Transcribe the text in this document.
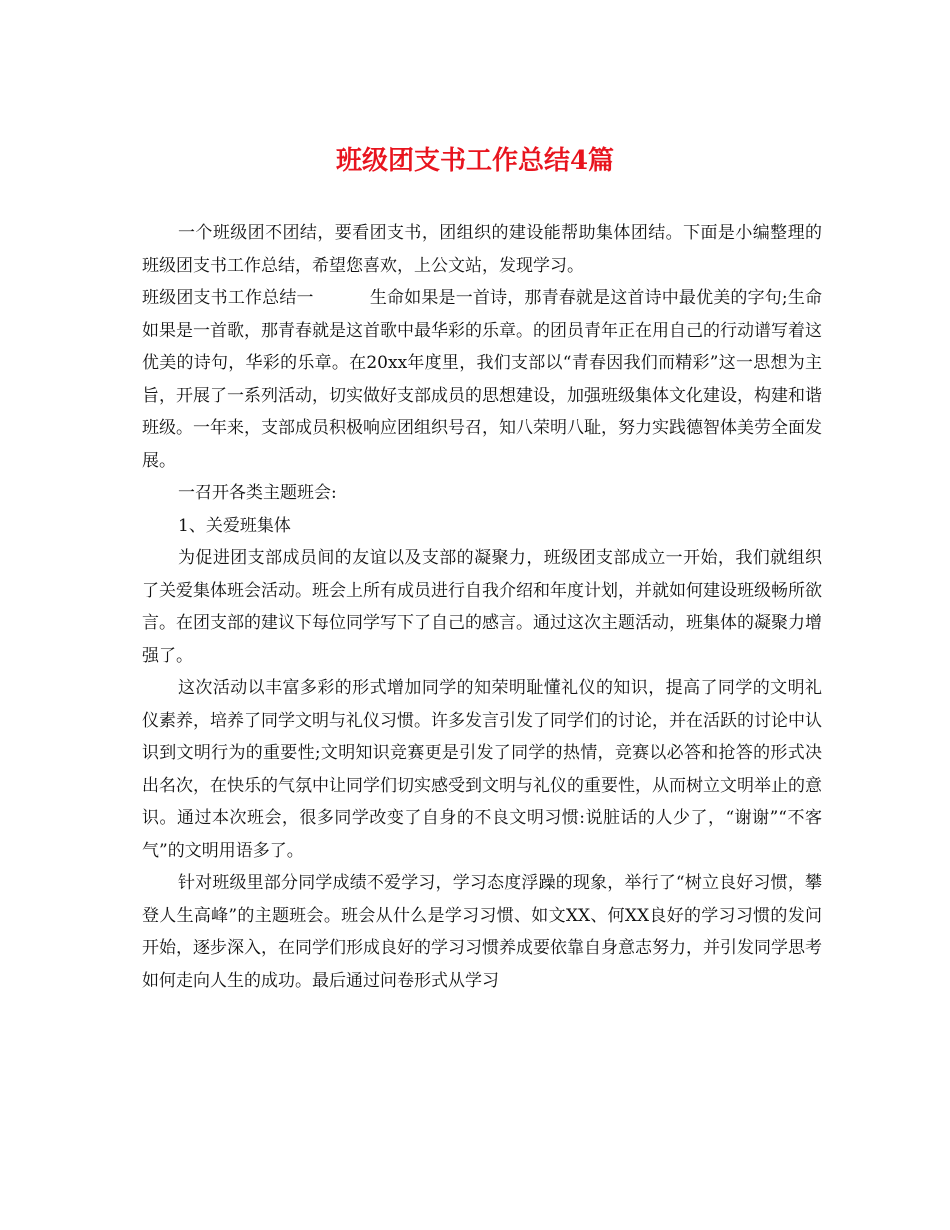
班级团支书工作总结4篇

一个班级团不团结，要看团支书，团组织的建设能帮助集体团结。下面是小编整理的班级团支书工作总结，希望您喜欢，上公文站，发现学习。

班级团支书工作总结一	生命如果是一首诗，那青春就是这首诗中最优美的字句;生命如果是一首歌，那青春就是这首歌中最华彩的乐章。的团员青年正在用自己的行动谱写着这优美的诗句，华彩的乐章。在20xx年度里，我们支部以“青春因我们而精彩”这一思想为主旨，开展了一系列活动，切实做好支部成员的思想建设，加强班级集体文化建设，构建和谐班级。一年来，支部成员积极响应团组织号召，知八荣明八耻，努力实践德智体美劳全面发展。

一召开各类主题班会:

1、关爱班集体

为促进团支部成员间的友谊以及支部的凝聚力，班级团支部成立一开始，我们就组织了关爱集体班会活动。班会上所有成员进行自我介绍和年度计划，并就如何建设班级畅所欲言。在团支部的建议下每位同学写下了自己的感言。通过这次主题活动，班集体的凝聚力增强了。

这次活动以丰富多彩的形式增加同学的知荣明耻懂礼仪的知识，提高了同学的文明礼仪素养，培养了同学文明与礼仪习惯。许多发言引发了同学们的讨论，并在活跃的讨论中认识到文明行为的重要性;文明知识竞赛更是引发了同学的热情，竞赛以必答和抢答的形式决出名次，在快乐的气氛中让同学们切实感受到文明与礼仪的重要性，从而树立文明举止的意识。通过本次班会，很多同学改变了自身的不良文明习惯:说脏话的人少了，“谢谢”“不客气”的文明用语多了。

针对班级里部分同学成绩不爱学习，学习态度浮躁的现象，举行了“树立良好习惯，攀登人生高峰”的主题班会。班会从什么是学习习惯、如文XX、何XX良好的学习习惯的发问开始，逐步深入，在同学们形成良好的学习习惯养成要依靠自身意志努力，并引发同学思考如何走向人生的成功。最后通过问卷形式从学习
